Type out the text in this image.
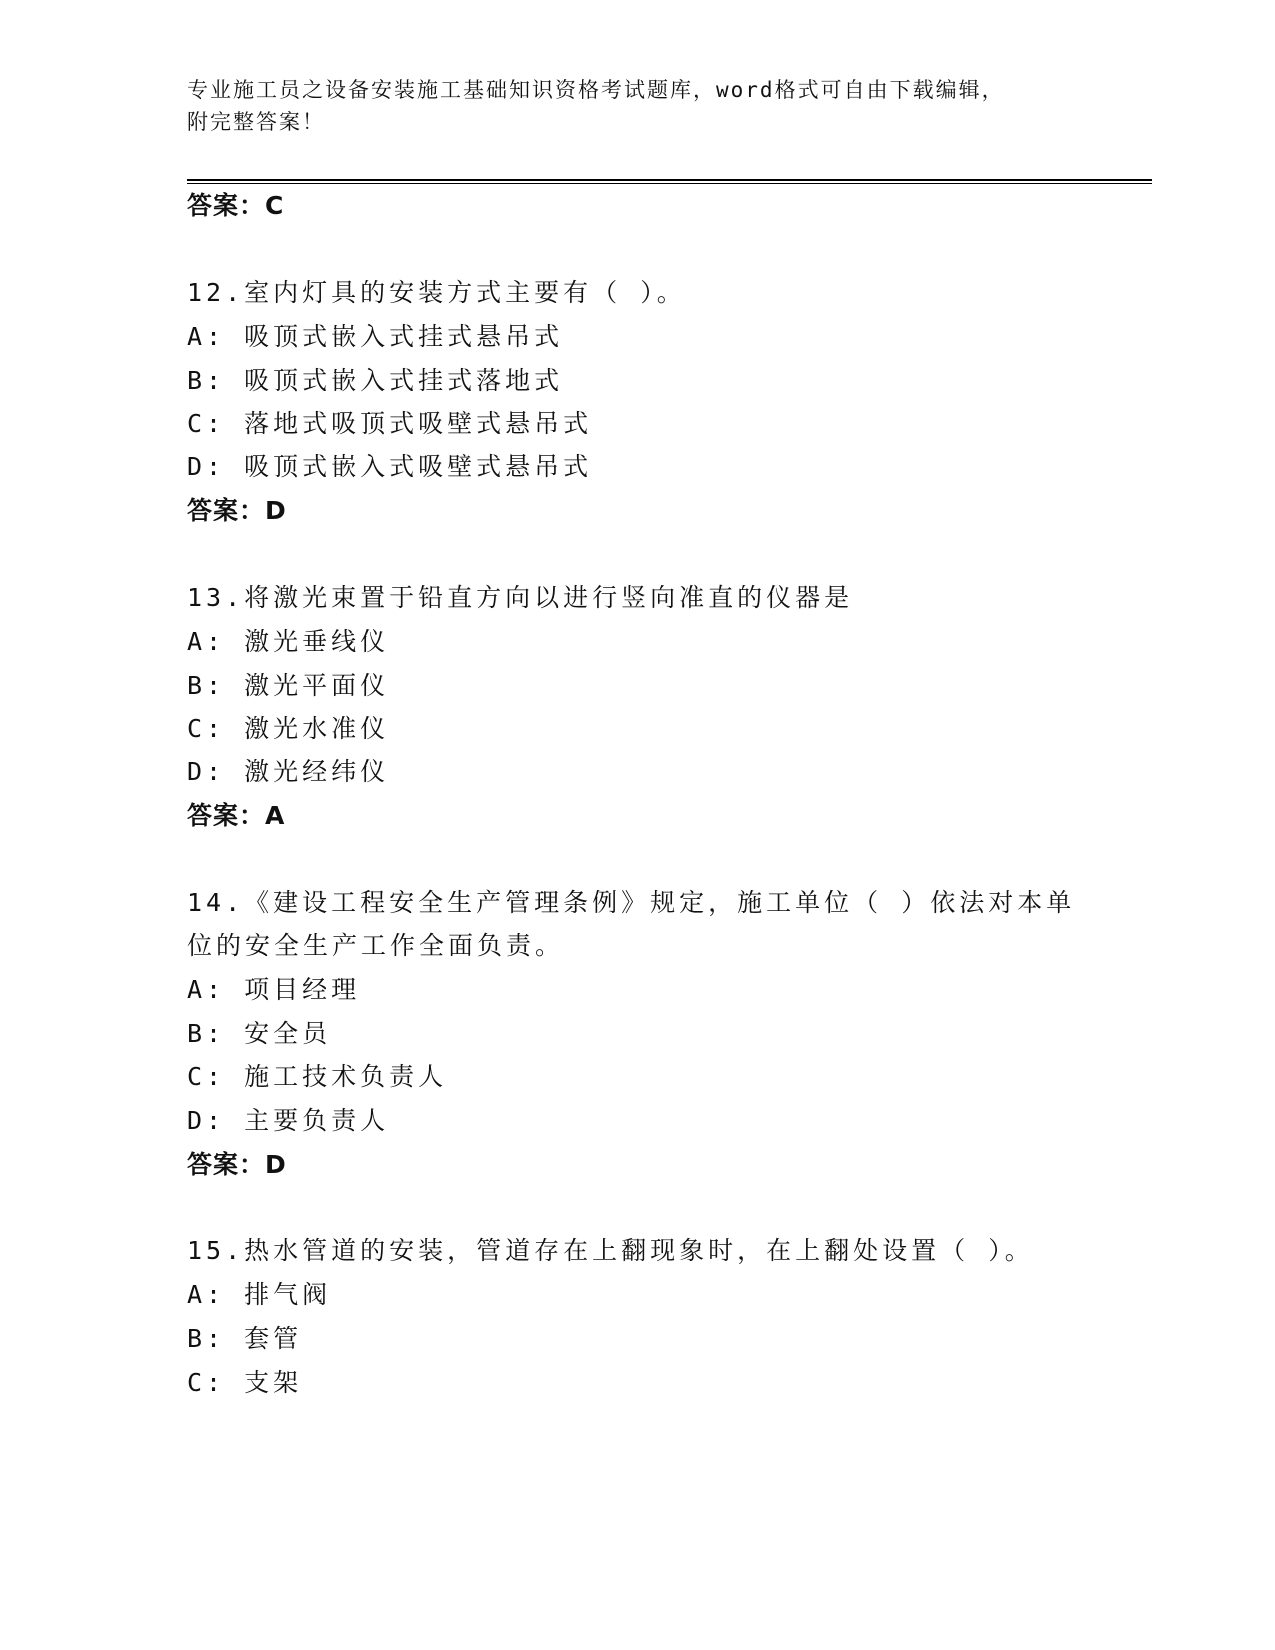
专业施工员之设备安装施工基础知识资格考试题库，word格式可自由下载编辑，
附完整答案！
答案：C
12.室内灯具的安装方式主要有（ ）。
A: 吸顶式嵌入式挂式悬吊式
B: 吸顶式嵌入式挂式落地式
C: 落地式吸顶式吸壁式悬吊式
D: 吸顶式嵌入式吸壁式悬吊式
答案：D
13.将激光束置于铅直方向以进行竖向准直的仪器是
A: 激光垂线仪
B: 激光平面仪
C: 激光水准仪
D: 激光经纬仪
答案：A
14.《建设工程安全生产管理条例》规定，施工单位（ ）依法对本单
位的安全生产工作全面负责。
A: 项目经理
B: 安全员
C: 施工技术负责人
D: 主要负责人
答案：D
15.热水管道的安装，管道存在上翻现象时，在上翻处设置（ ）。
A: 排气阀
B: 套管
C: 支架
